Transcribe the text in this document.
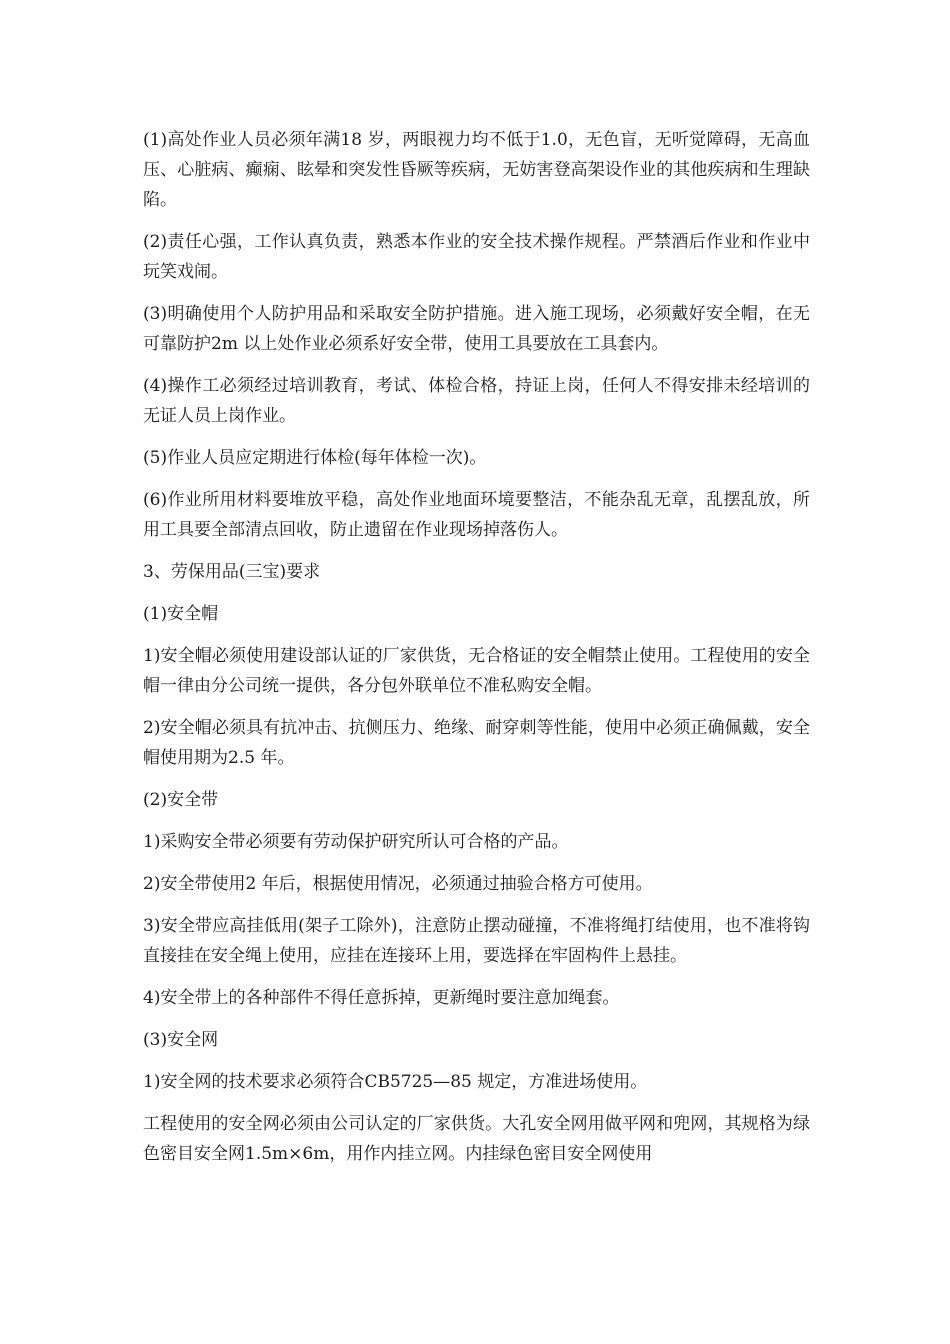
(1)高处作业人员必须年满18 岁，两眼视力均不低于1.0，无色盲，无听觉障碍，无高血压、心脏病、癫痫、眩晕和突发性昏厥等疾病，无妨害登高架设作业的其他疾病和生理缺陷。

(2)责任心强，工作认真负责，熟悉本作业的安全技术操作规程。严禁酒后作业和作业中玩笑戏闹。

(3)明确使用个人防护用品和采取安全防护措施。进入施工现场，必须戴好安全帽，在无可靠防护2m 以上处作业必须系好安全带，使用工具要放在工具套内。

(4)操作工必须经过培训教育，考试、体检合格，持证上岗，任何人不得安排未经培训的无证人员上岗作业。

(5)作业人员应定期进行体检(每年体检一次)。

(6)作业所用材料要堆放平稳，高处作业地面环境要整洁，不能杂乱无章，乱摆乱放，所用工具要全部清点回收，防止遗留在作业现场掉落伤人。

3、劳保用品(三宝)要求

(1)安全帽

1)安全帽必须使用建设部认证的厂家供货，无合格证的安全帽禁止使用。工程使用的安全帽一律由分公司统一提供，各分包外联单位不准私购安全帽。

2)安全帽必须具有抗冲击、抗侧压力、绝缘、耐穿刺等性能，使用中必须正确佩戴，安全帽使用期为2.5 年。

(2)安全带

1)采购安全带必须要有劳动保护研究所认可合格的产品。

2)安全带使用2 年后，根据使用情况，必须通过抽验合格方可使用。

3)安全带应高挂低用(架子工除外)，注意防止摆动碰撞，不准将绳打结使用，也不准将钩直接挂在安全绳上使用，应挂在连接环上用，要选择在牢固构件上悬挂。

4)安全带上的各种部件不得任意拆掉，更新绳时要注意加绳套。

(3)安全网

1)安全网的技术要求必须符合CB5725—85 规定，方准进场使用。

工程使用的安全网必须由公司认定的厂家供货。大孔安全网用做平网和兜网，其规格为绿色密目安全网1.5m×6m，用作内挂立网。内挂绿色密目安全网使用
